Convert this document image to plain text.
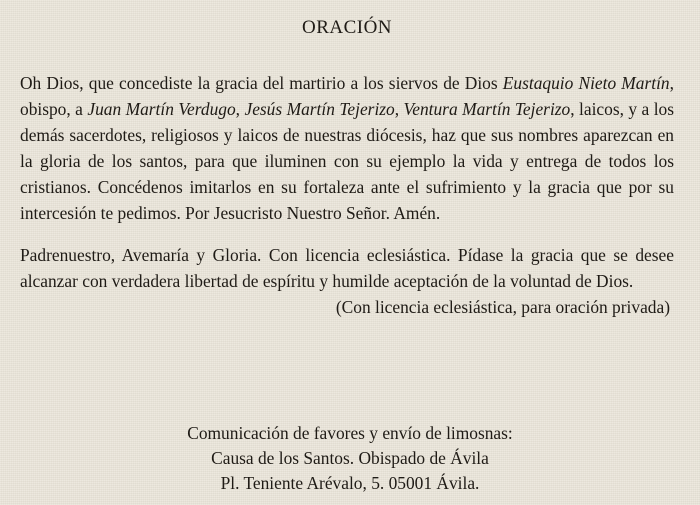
ORACIÓN

Oh Dios, que concediste la gracia del martirio a los siervos de Dios Eustaquio Nieto Martín, obispo, a Juan Martín Verdugo, Jesús Martín Tejerizo, Ventura Martín Tejerizo, laicos, y a los demás sacerdotes, religiosos y laicos de nuestras diócesis, haz que sus nombres aparezcan en la gloria de los santos, para que iluminen con su ejemplo la vida y entrega de todos los cristianos. Concédenos imitarlos en su fortaleza ante el sufrimiento y la gracia que por su intercesión te pedimos. Por Jesucristo Nuestro Señor. Amén.

Padrenuestro, Avemaría y Gloria. Con licencia eclesiástica. Pídase la gracia que se desee alcanzar con verdadera libertad de espíritu y humilde aceptación de la voluntad de Dios.

(Con licencia eclesiástica, para oración privada)

Comunicación de favores y envío de limosnas:
Causa de los Santos. Obispado de Ávila
Pl. Teniente Arévalo, 5. 05001 Ávila.
